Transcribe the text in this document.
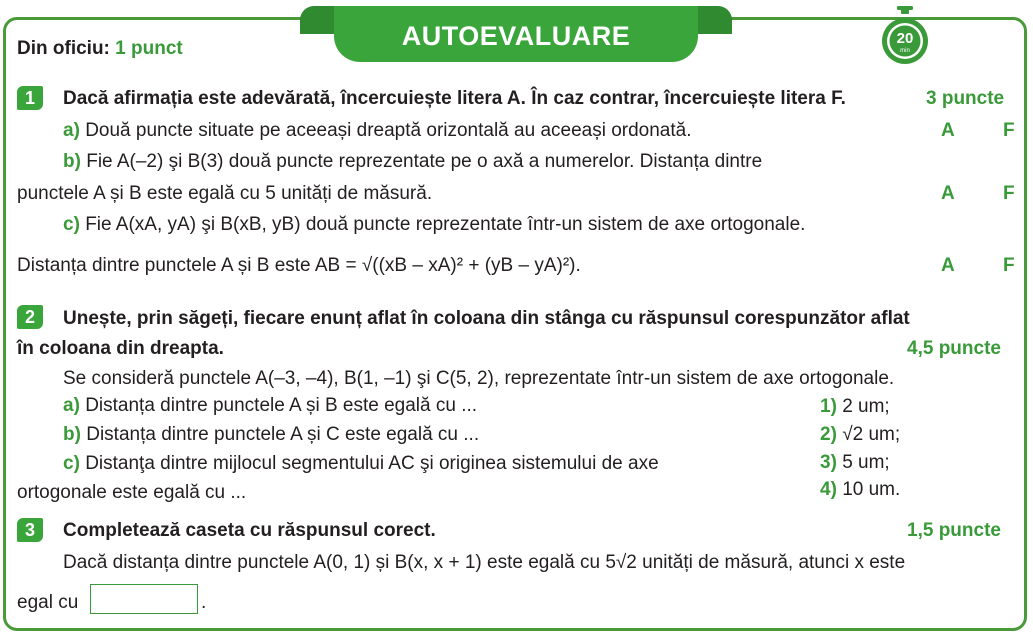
AUTOEVALUARE
Din oficiu: 1 punct	20
min
1	Dacă afirmația este adevărată, încercuiește litera A. În caz contrar, încercuiește litera F.	3 puncte
a) Două puncte situate pe aceeași dreaptă orizontală au aceeași ordonată.	A	F
b) Fie A(–2) şi B(3) două puncte reprezentate pe o axă a numerelor. Distanța dintre
punctele A și B este egală cu 5 unități de măsură.	A	F
c) Fie A(xA, yA) şi B(xB, yB) două puncte reprezentate într-un sistem de axe ortogonale.
Distanța dintre punctele A și B este AB = √((xB – xA)² + (yB – yA)²).	A	F
2	Unește, prin săgeți, fiecare enunț aflat în coloana din stânga cu răspunsul corespunzător aflat
în coloana din dreapta.	4,5 puncte
Se consideră punctele A(–3, –4), B(1, –1) şi C(5, 2), reprezentate într-un sistem de axe ortogonale.
a) Distanța dintre punctele A și B este egală cu ...
b) Distanța dintre punctele A și C este egală cu ...
c) Distanţa dintre mijlocul segmentului AC şi originea sistemului de axe
ortogonale este egală cu ...
1) 2 um;
2) √2 um;
3) 5 um;
4) 10 um.
3	Completează caseta cu răspunsul corect.	1,5 puncte
Dacă distanța dintre punctele A(0, 1) și B(x, x + 1) este egală cu 5√2 unități de măsură, atunci x este
egal cu	.
